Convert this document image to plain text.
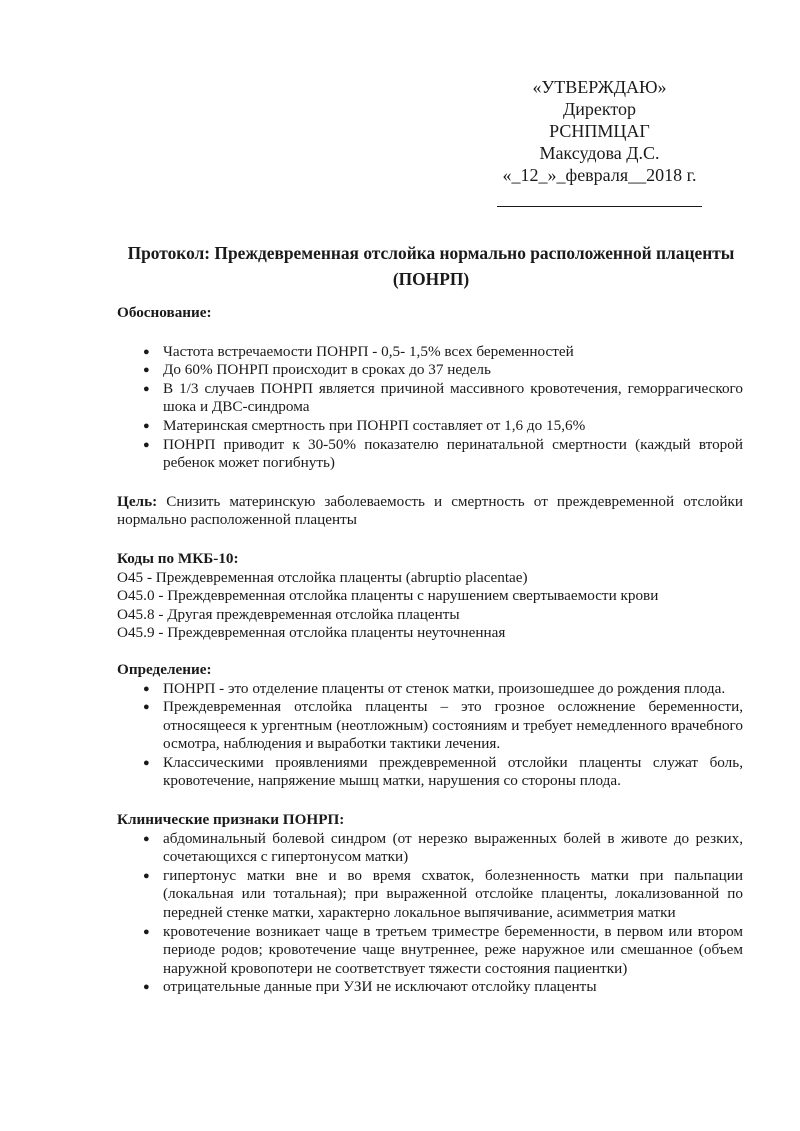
«УТВЕРЖДАЮ»
Директор
РСНПМЦАГ
Максудова Д.С.
«_12_»_февраля__2018 г.
Протокол: Преждевременная отслойка нормально расположенной плаценты (ПОНРП)
Обоснование:
● Частота встречаемости ПОНРП - 0,5- 1,5% всех беременностей
● До 60% ПОНРП происходит в сроках до 37 недель
● В 1/3 случаев ПОНРП является причиной массивного кровотечения, геморрагического шока и ДВС-синдрома
● Материнская смертность при ПОНРП составляет от 1,6 до 15,6%
● ПОНРП приводит к 30-50% показателю перинатальной смертности (каждый второй ребенок может погибнуть)
Цель: Снизить материнскую заболеваемость и смертность от преждевременной отслойки нормально расположенной плаценты
Коды по МКБ-10:
О45 - Преждевременная отслойка плаценты (abruptio placentae)
О45.0 - Преждевременная отслойка плаценты с нарушением свертываемости крови
О45.8 - Другая преждевременная отслойка плаценты
О45.9 - Преждевременная отслойка плаценты неуточненная
Определение:
● ПОНРП - это отделение плаценты от стенок матки, произошедшее до рождения плода.
● Преждевременная отслойка плаценты – это грозное осложнение беременности, относящееся к ургентным (неотложным) состояниям и требует немедленного врачебного осмотра, наблюдения и выработки тактики лечения.
● Классическими проявлениями преждевременной отслойки плаценты служат боль, кровотечение, напряжение мышц матки, нарушения со стороны плода.
Клинические признаки ПОНРП:
● абдоминальный болевой синдром (от нерезко выраженных болей в животе до резких, сочетающихся с гипертонусом матки)
● гипертонус матки вне и во время схваток, болезненность матки при пальпации (локальная или тотальная); при выраженной отслойке плаценты, локализованной по передней стенке матки, характерно локальное выпячивание, асимметрия матки
● кровотечение возникает чаще в третьем триместре беременности, в первом или втором периоде родов; кровотечение чаще внутреннее, реже наружное или смешанное (объем наружной кровопотери не соответствует тяжести состояния пациентки)
● отрицательные данные при УЗИ не исключают отслойку плаценты
